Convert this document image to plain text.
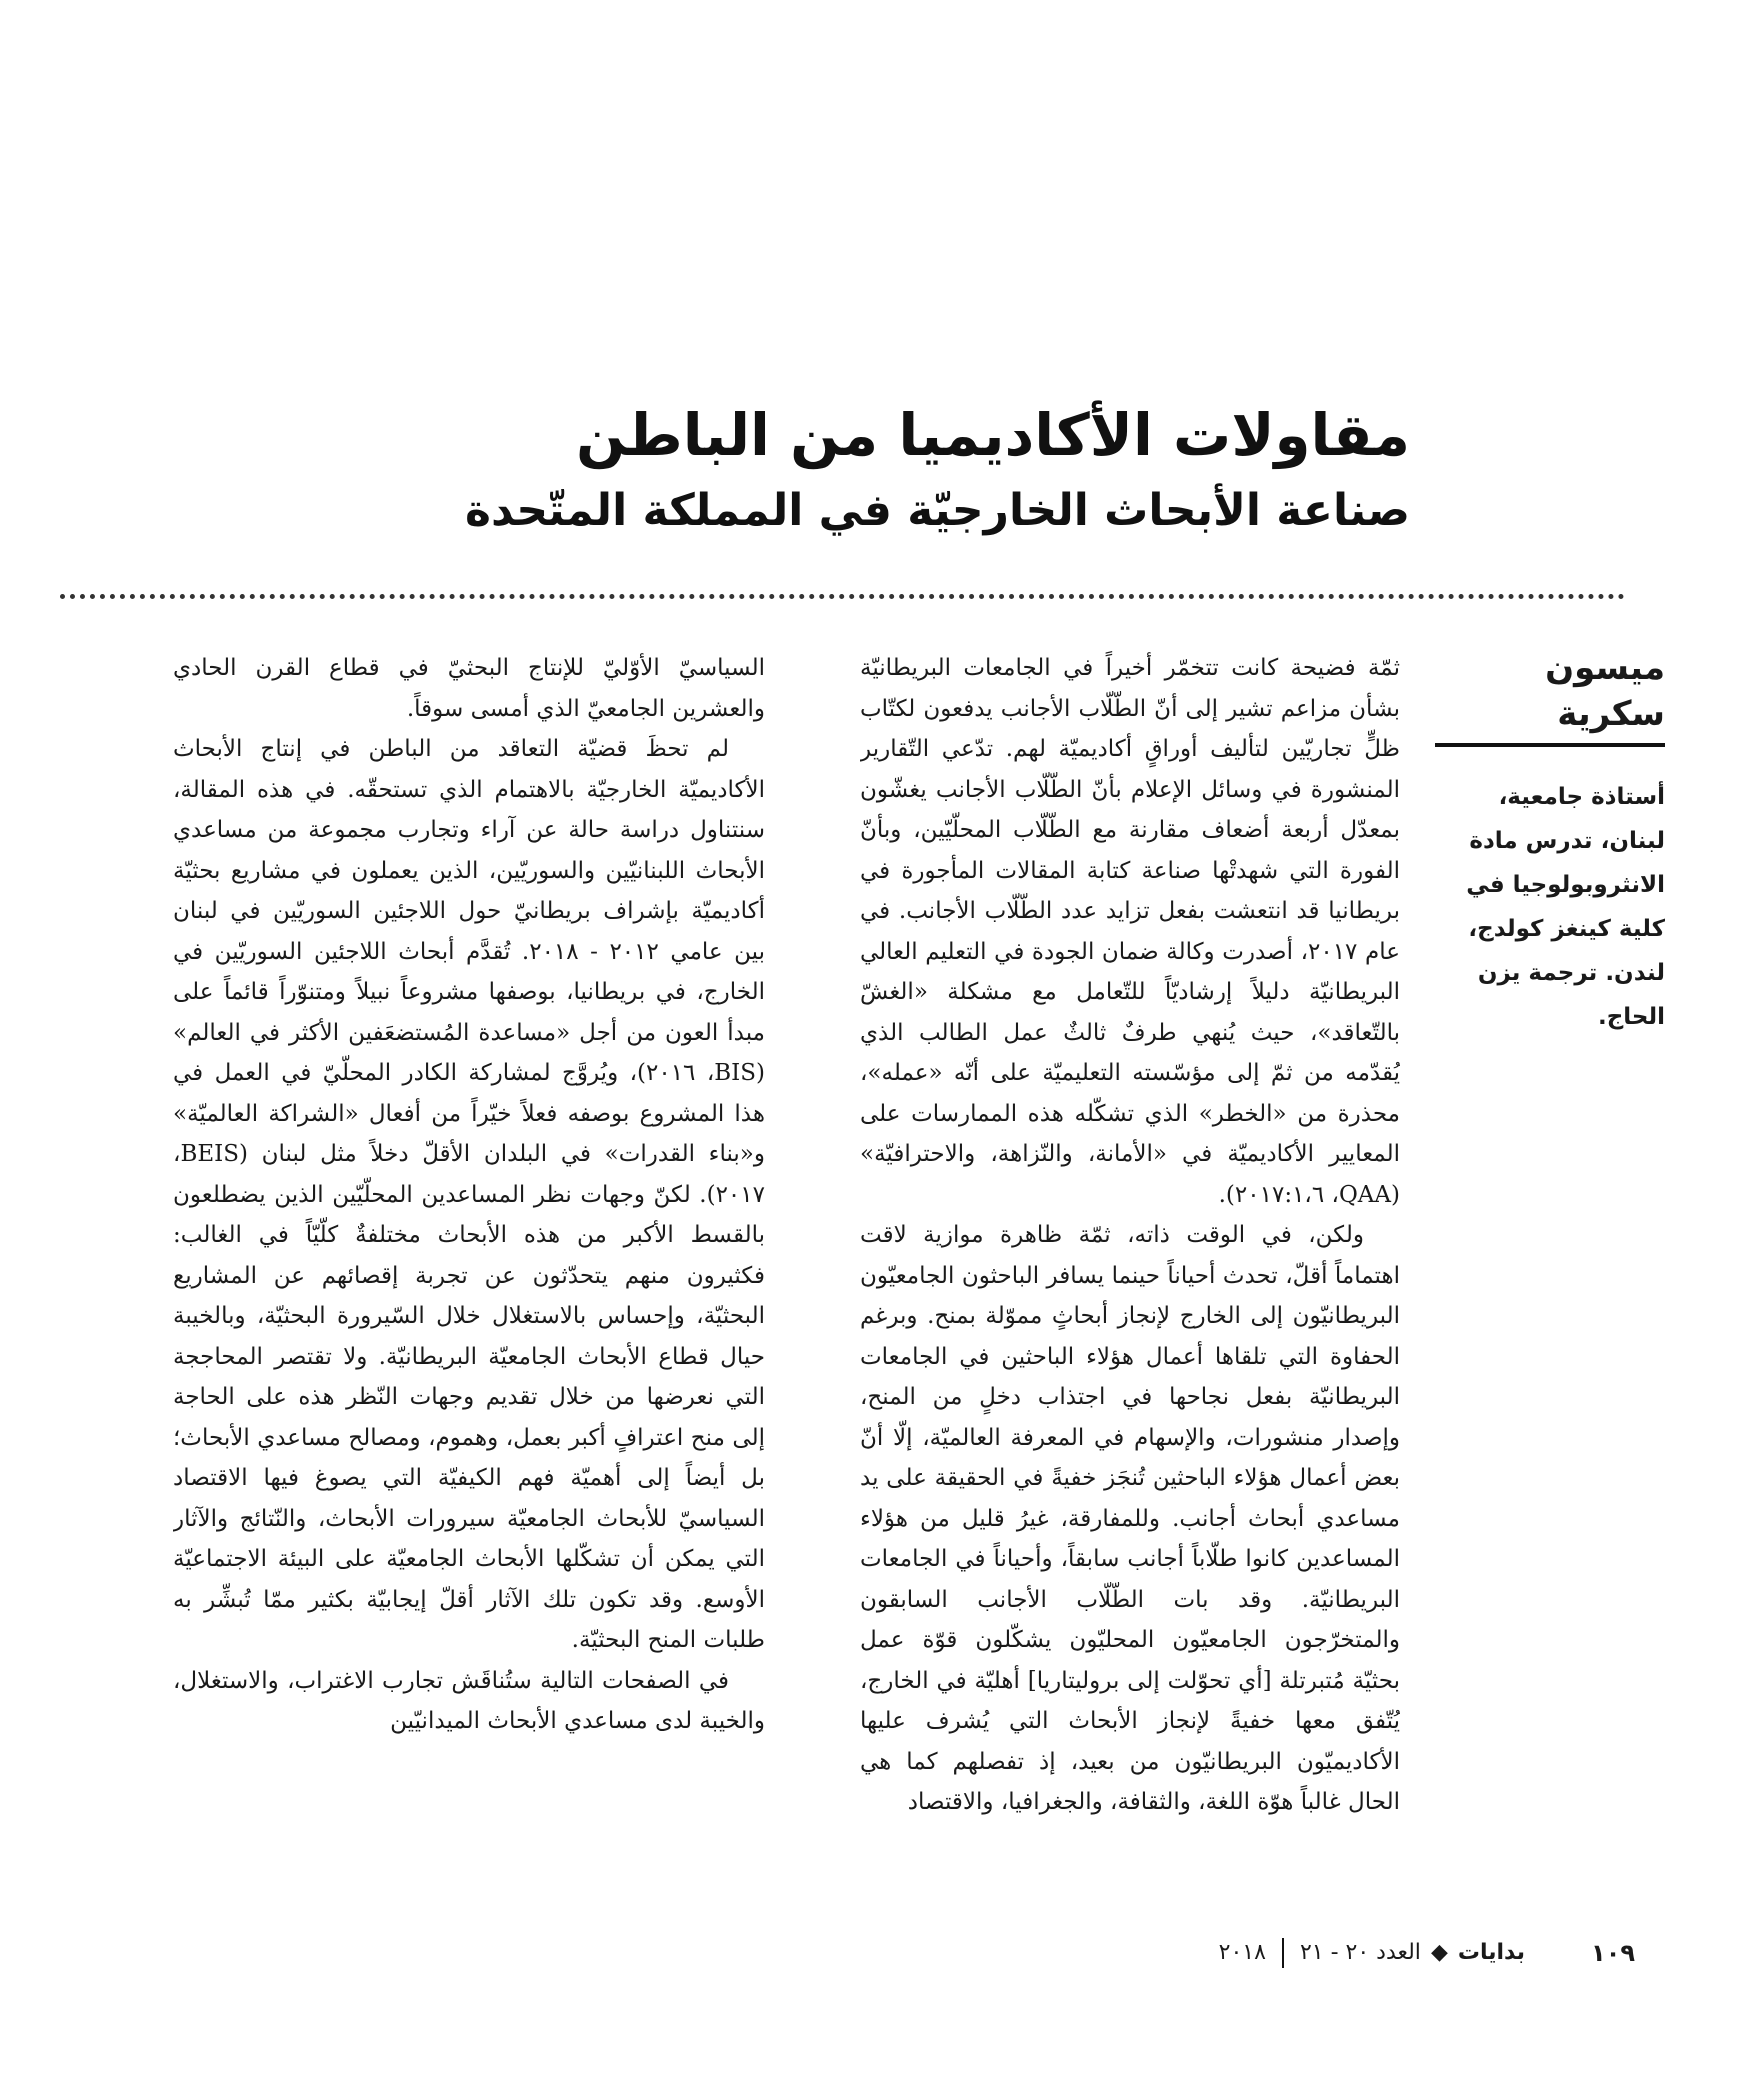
مقاولات الأكاديميا من الباطن
صناعة الأبحاث الخارجيّة في المملكة المتّحدة
ميسون سكرية

أستاذة جامعية، لبنان، تدرس مادة الانثروبولوجيا في كلية كينغز كولدج، لندن. ترجمة يزن الحاج.

ثمّة فضيحة كانت تتخمّر أخيراً في الجامعات البريطانيّة بشأن مزاعم تشير إلى أنّ الطّلّاب الأجانب يدفعون لكتّاب ظلٍّ تجاريّين لتأليف أوراقٍ أكاديميّة لهم. تدّعي التّقارير المنشورة في وسائل الإعلام بأنّ الطّلّاب الأجانب يغشّون بمعدّل أربعة أضعاف مقارنة مع الطّلّاب المحلّيّين، وبأنّ الفورة التي شهدتْها صناعة كتابة المقالات المأجورة في بريطانيا قد انتعشت بفعل تزايد عدد الطّلّاب الأجانب. في عام ٢٠١٧، أصدرت وكالة ضمان الجودة في التعليم العالي البريطانيّة دليلاً إرشاديّاً للتّعامل مع مشكلة «الغشّ بالتّعاقد»، حيث يُنهي طرفٌ ثالثٌ عمل الطالب الذي يُقدّمه من ثمّ إلى مؤسّسته التعليميّة على أنّه «عمله»، محذرة من «الخطر» الذي تشكّله هذه الممارسات على المعايير الأكاديميّة في «الأمانة، والنّزاهة، والاحترافيّة» (QAA، ٢٠١٧:١،٦).

ولكن، في الوقت ذاته، ثمّة ظاهرة موازية لاقت اهتماماً أقلّ، تحدث أحياناً حينما يسافر الباحثون الجامعيّون البريطانيّون إلى الخارج لإنجاز أبحاثٍ مموّلة بمنح. وبرغم الحفاوة التي تلقاها أعمال هؤلاء الباحثين في الجامعات البريطانيّة بفعل نجاحها في اجتذاب دخلٍ من المنح، وإصدار منشورات، والإسهام في المعرفة العالميّة، إلّا أنّ بعض أعمال هؤلاء الباحثين تُنجَز خفيةً في الحقيقة على يد مساعدي أبحاث أجانب. وللمفارقة، غيرُ قليل من هؤلاء المساعدين كانوا طلّاباً أجانب سابقاً، وأحياناً في الجامعات البريطانيّة. وقد بات الطّلّاب الأجانب السابقون والمتخرّجون الجامعيّون المحليّون يشكّلون قوّة عمل بحثيّة مُتبرتلة [أي تحوّلت إلى بروليتاريا] أهليّة في الخارج، يُتّفق معها خفيةً لإنجاز الأبحاث التي يُشرف عليها الأكاديميّون البريطانيّون من بعيد، إذ تفصلهم كما هي الحال غالباً هوّة اللغة، والثقافة، والجغرافيا، والاقتصاد

السياسيّ الأوّليّ للإنتاج البحثيّ في قطاع القرن الحادي والعشرين الجامعيّ الذي أمسى سوقاً.

لم تحظَ قضيّة التعاقد من الباطن في إنتاج الأبحاث الأكاديميّة الخارجيّة بالاهتمام الذي تستحقّه. في هذه المقالة، سنتناول دراسة حالة عن آراء وتجارب مجموعة من مساعدي الأبحاث اللبنانيّين والسوريّين، الذين يعملون في مشاريع بحثيّة أكاديميّة بإشراف بريطانيّ حول اللاجئين السوريّين في لبنان بين عامي ٢٠١٢ - ٢٠١٨. تُقدَّم أبحاث اللاجئين السوريّين في الخارج، في بريطانيا، بوصفها مشروعاً نبيلاً ومتنوّراً قائماً على مبدأ العون من أجل «مساعدة المُستضعَفين الأكثر في العالم» (BIS، ٢٠١٦)، ويُروَّج لمشاركة الكادر المحلّيّ في العمل في هذا المشروع بوصفه فعلاً خيّراً من أفعال «الشراكة العالميّة» و«بناء القدرات» في البلدان الأقلّ دخلاً مثل لبنان (BEIS، ٢٠١٧). لكنّ وجهات نظر المساعدين المحلّيّين الذين يضطلعون بالقسط الأكبر من هذه الأبحاث مختلفةٌ كلّيّاً في الغالب: فكثيرون منهم يتحدّثون عن تجربة إقصائهم عن المشاريع البحثيّة، وإحساس بالاستغلال خلال السّيرورة البحثيّة، وبالخيبة حيال قطاع الأبحاث الجامعيّة البريطانيّة. ولا تقتصر المحاججة التي نعرضها من خلال تقديم وجهات النّظر هذه على الحاجة إلى منح اعترافٍ أكبر بعمل، وهموم، ومصالح مساعدي الأبحاث؛ بل أيضاً إلى أهميّة فهم الكيفيّة التي يصوغ فيها الاقتصاد السياسيّ للأبحاث الجامعيّة سيرورات الأبحاث، والنّتائج والآثار التي يمكن أن تشكّلها الأبحاث الجامعيّة على البيئة الاجتماعيّة الأوسع. وقد تكون تلك الآثار أقلّ إيجابيّة بكثير ممّا تُبشِّر به طلبات المنح البحثيّة.

في الصفحات التالية ستُناقَش تجارب الاغتراب، والاستغلال، والخيبة لدى مساعدي الأبحاث الميدانيّين

١٠٩
بدايات
◆
العدد ٢٠ - ٢١
٢٠١٨
